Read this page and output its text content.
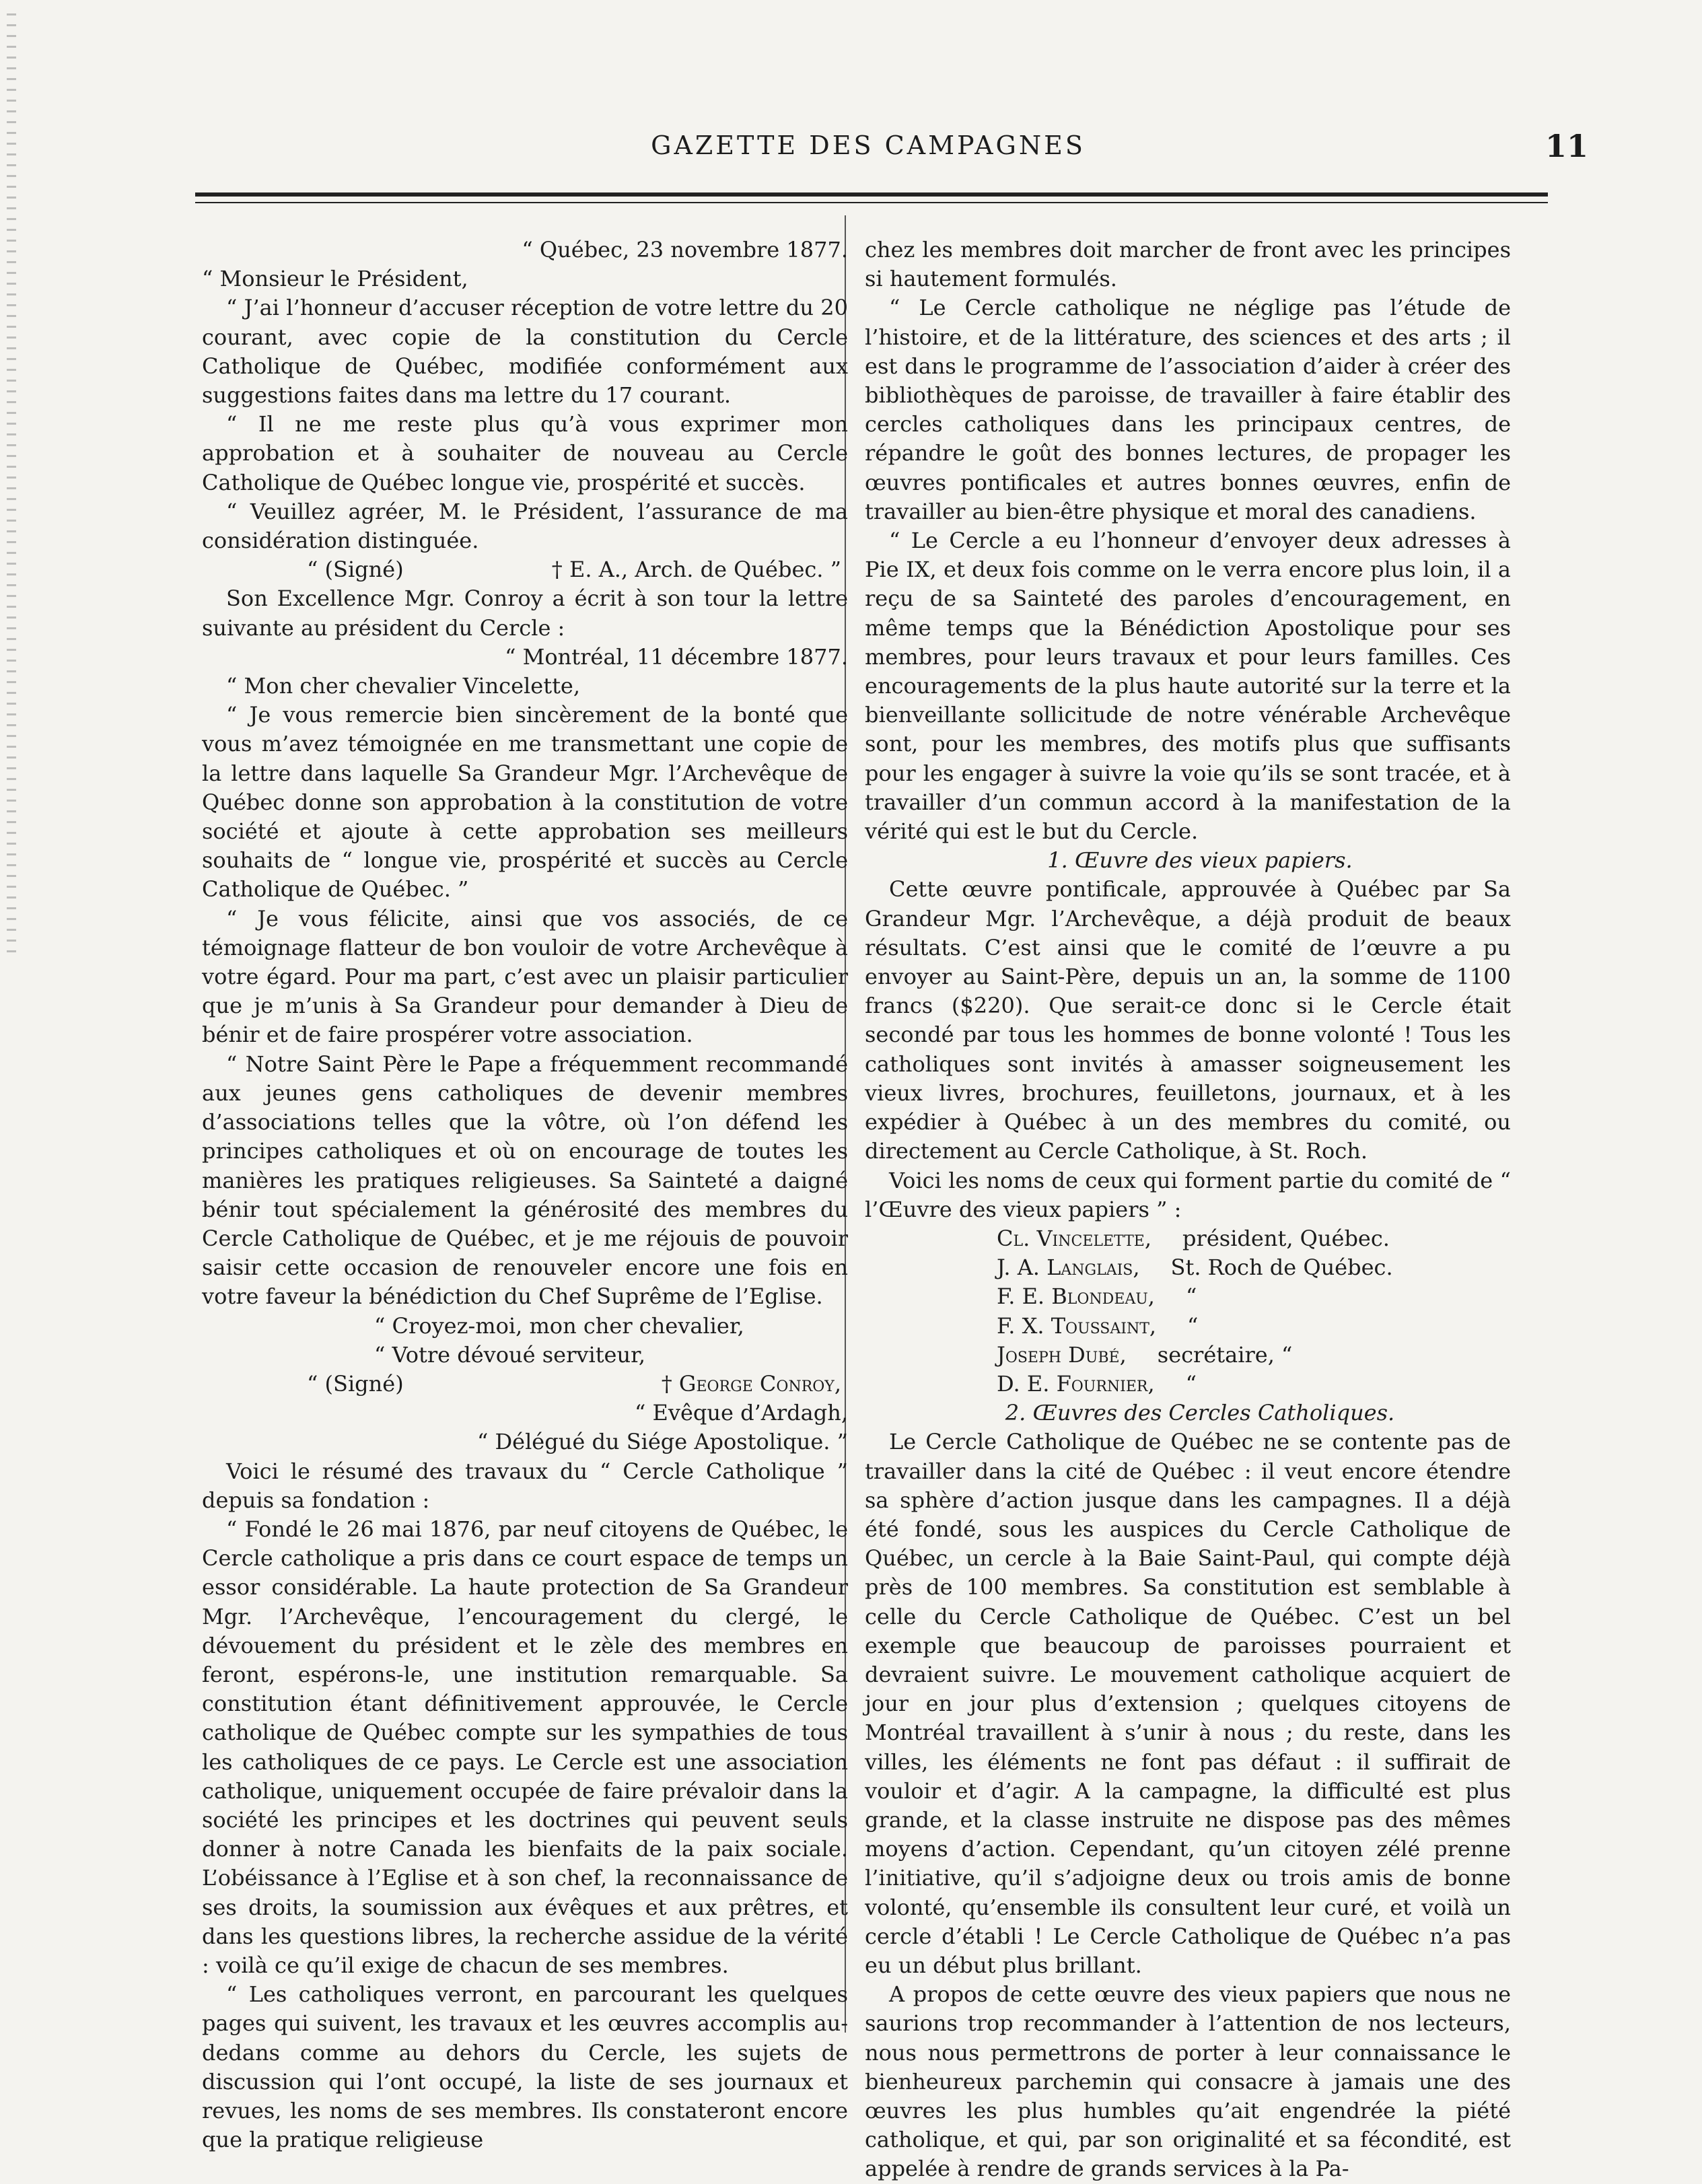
GAZETTE DES CAMPAGNES	11

“ Québec, 23 novembre 1877.

“ Monsieur le Président,

“ J’ai l’honneur d’accuser réception de votre lettre du 20 courant, avec copie de la constitution du Cercle Catholique de Québec, modifiée conformément aux suggestions faites dans ma lettre du 17 courant.

“ Il ne me reste plus qu’à vous exprimer mon approbation et à souhaiter de nouveau au Cercle Catholique de Québec longue vie, prospérité et succès.

“ Veuillez agréer, M. le Président, l’assurance de ma considération distinguée.

“ (Signé)	† E. A., Arch. de Québec. ”

Son Excellence Mgr. Conroy a écrit à son tour la lettre suivante au président du Cercle :

“ Montréal, 11 décembre 1877.

“ Mon cher chevalier Vincelette,

“ Je vous remercie bien sincèrement de la bonté que vous m’avez témoignée en me transmettant une copie de la lettre dans laquelle Sa Grandeur Mgr. l’Archevêque de Québec donne son approbation à la constitution de votre société et ajoute à cette approbation ses meilleurs souhaits de “ longue vie, prospérité et succès au Cercle Catholique de Québec. ”

“ Je vous félicite, ainsi que vos associés, de ce témoignage flatteur de bon vouloir de votre Archevêque à votre égard. Pour ma part, c’est avec un plaisir particulier que je m’unis à Sa Grandeur pour demander à Dieu de bénir et de faire prospérer votre association.

“ Notre Saint Père le Pape a fréquemment recommandé aux jeunes gens catholiques de devenir membres d’associations telles que la vôtre, où l’on défend les principes catholiques et où on encourage de toutes les manières les pratiques religieuses. Sa Sainteté a daigné bénir tout spécialement la générosité des membres du Cercle Catholique de Québec, et je me réjouis de pouvoir saisir cette occasion de renouveler encore une fois en votre faveur la bénédiction du Chef Suprême de l’Eglise.

“ Croyez-moi, mon cher chevalier,

“ Votre dévoué serviteur,

“ (Signé)	† George Conroy,

“ Evêque d’Ardagh,

“ Délégué du Siége Apostolique. ”

Voici le résumé des travaux du “ Cercle Catholique ” depuis sa fondation :

“ Fondé le 26 mai 1876, par neuf citoyens de Québec, le Cercle catholique a pris dans ce court espace de temps un essor considérable. La haute protection de Sa Grandeur Mgr. l’Archevêque, l’encouragement du clergé, le dévouement du président et le zèle des membres en feront, espérons-le, une institution remarquable. Sa constitution étant définitivement approuvée, le Cercle catholique de Québec compte sur les sympathies de tous les catholiques de ce pays. Le Cercle est une association catholique, uniquement occupée de faire prévaloir dans la société les principes et les doctrines qui peuvent seuls donner à notre Canada les bienfaits de la paix sociale. L’obéissance à l’Eglise et à son chef, la reconnaissance de ses droits, la soumission aux évêques et aux prêtres, et dans les questions libres, la recherche assidue de la vérité : voilà ce qu’il exige de chacun de ses membres.

“ Les catholiques verront, en parcourant les quelques pages qui suivent, les travaux et les œuvres accomplis au-dedans comme au dehors du Cercle, les sujets de discussion qui l’ont occupé, la liste de ses journaux et revues, les noms de ses membres. Ils constateront encore que la pratique religieuse

chez les membres doit marcher de front avec les principes si hautement formulés.

“ Le Cercle catholique ne néglige pas l’étude de l’histoire, et de la littérature, des sciences et des arts ; il est dans le programme de l’association d’aider à créer des bibliothèques de paroisse, de travailler à faire établir des cercles catholiques dans les principaux centres, de répandre le goût des bonnes lectures, de propager les œuvres pontificales et autres bonnes œuvres, enfin de travailler au bien-être physique et moral des canadiens.

“ Le Cercle a eu l’honneur d’envoyer deux adresses à Pie IX, et deux fois comme on le verra encore plus loin, il a reçu de sa Sainteté des paroles d’encouragement, en même temps que la Bénédiction Apostolique pour ses membres, pour leurs travaux et pour leurs familles. Ces encouragements de la plus haute autorité sur la terre et la bienveillante sollicitude de notre vénérable Archevêque sont, pour les membres, des motifs plus que suffisants pour les engager à suivre la voie qu’ils se sont tracée, et à travailler d’un commun accord à la manifestation de la vérité qui est le but du Cercle.

1. Œuvre des vieux papiers.

Cette œuvre pontificale, approuvée à Québec par Sa Grandeur Mgr. l’Archevêque, a déjà produit de beaux résultats. C’est ainsi que le comité de l’œuvre a pu envoyer au Saint-Père, depuis un an, la somme de 1100 francs ($220). Que serait-ce donc si le Cercle était secondé par tous les hommes de bonne volonté ! Tous les catholiques sont invités à amasser soigneusement les vieux livres, brochures, feuilletons, journaux, et à les expédier à Québec à un des membres du comité, ou directement au Cercle Catholique, à St. Roch.

Voici les noms de ceux qui forment partie du comité de “ l’Œuvre des vieux papiers ” :

Cl. Vincelette,	président, Québec.

J. A. Langlais,	St. Roch de Québec.

F. E. Blondeau,	“

F. X. Toussaint,	“

Joseph Dubé,	secrétaire, “

D. E. Fournier,	“

2. Œuvres des Cercles Catholiques.

Le Cercle Catholique de Québec ne se contente pas de travailler dans la cité de Québec : il veut encore étendre sa sphère d’action jusque dans les campagnes. Il a déjà été fondé, sous les auspices du Cercle Catholique de Québec, un cercle à la Baie Saint-Paul, qui compte déjà près de 100 membres. Sa constitution est semblable à celle du Cercle Catholique de Québec. C’est un bel exemple que beaucoup de paroisses pourraient et devraient suivre. Le mouvement catholique acquiert de jour en jour plus d’extension ; quelques citoyens de Montréal travaillent à s’unir à nous ; du reste, dans les villes, les éléments ne font pas défaut : il suffirait de vouloir et d’agir. A la campagne, la difficulté est plus grande, et la classe instruite ne dispose pas des mêmes moyens d’action. Cependant, qu’un citoyen zélé prenne l’initiative, qu’il s’adjoigne deux ou trois amis de bonne volonté, qu’ensemble ils consultent leur curé, et voilà un cercle d’établi ! Le Cercle Catholique de Québec n’a pas eu un début plus brillant.

A propos de cette œuvre des vieux papiers que nous ne saurions trop recommander à l’attention de nos lecteurs, nous nous permettrons de porter à leur connaissance le bienheureux parchemin qui consacre à jamais une des œuvres les plus humbles qu’ait engendrée la piété catholique, et qui, par son originalité et sa fécondité, est appelée à rendre de grands services à la Pa-
